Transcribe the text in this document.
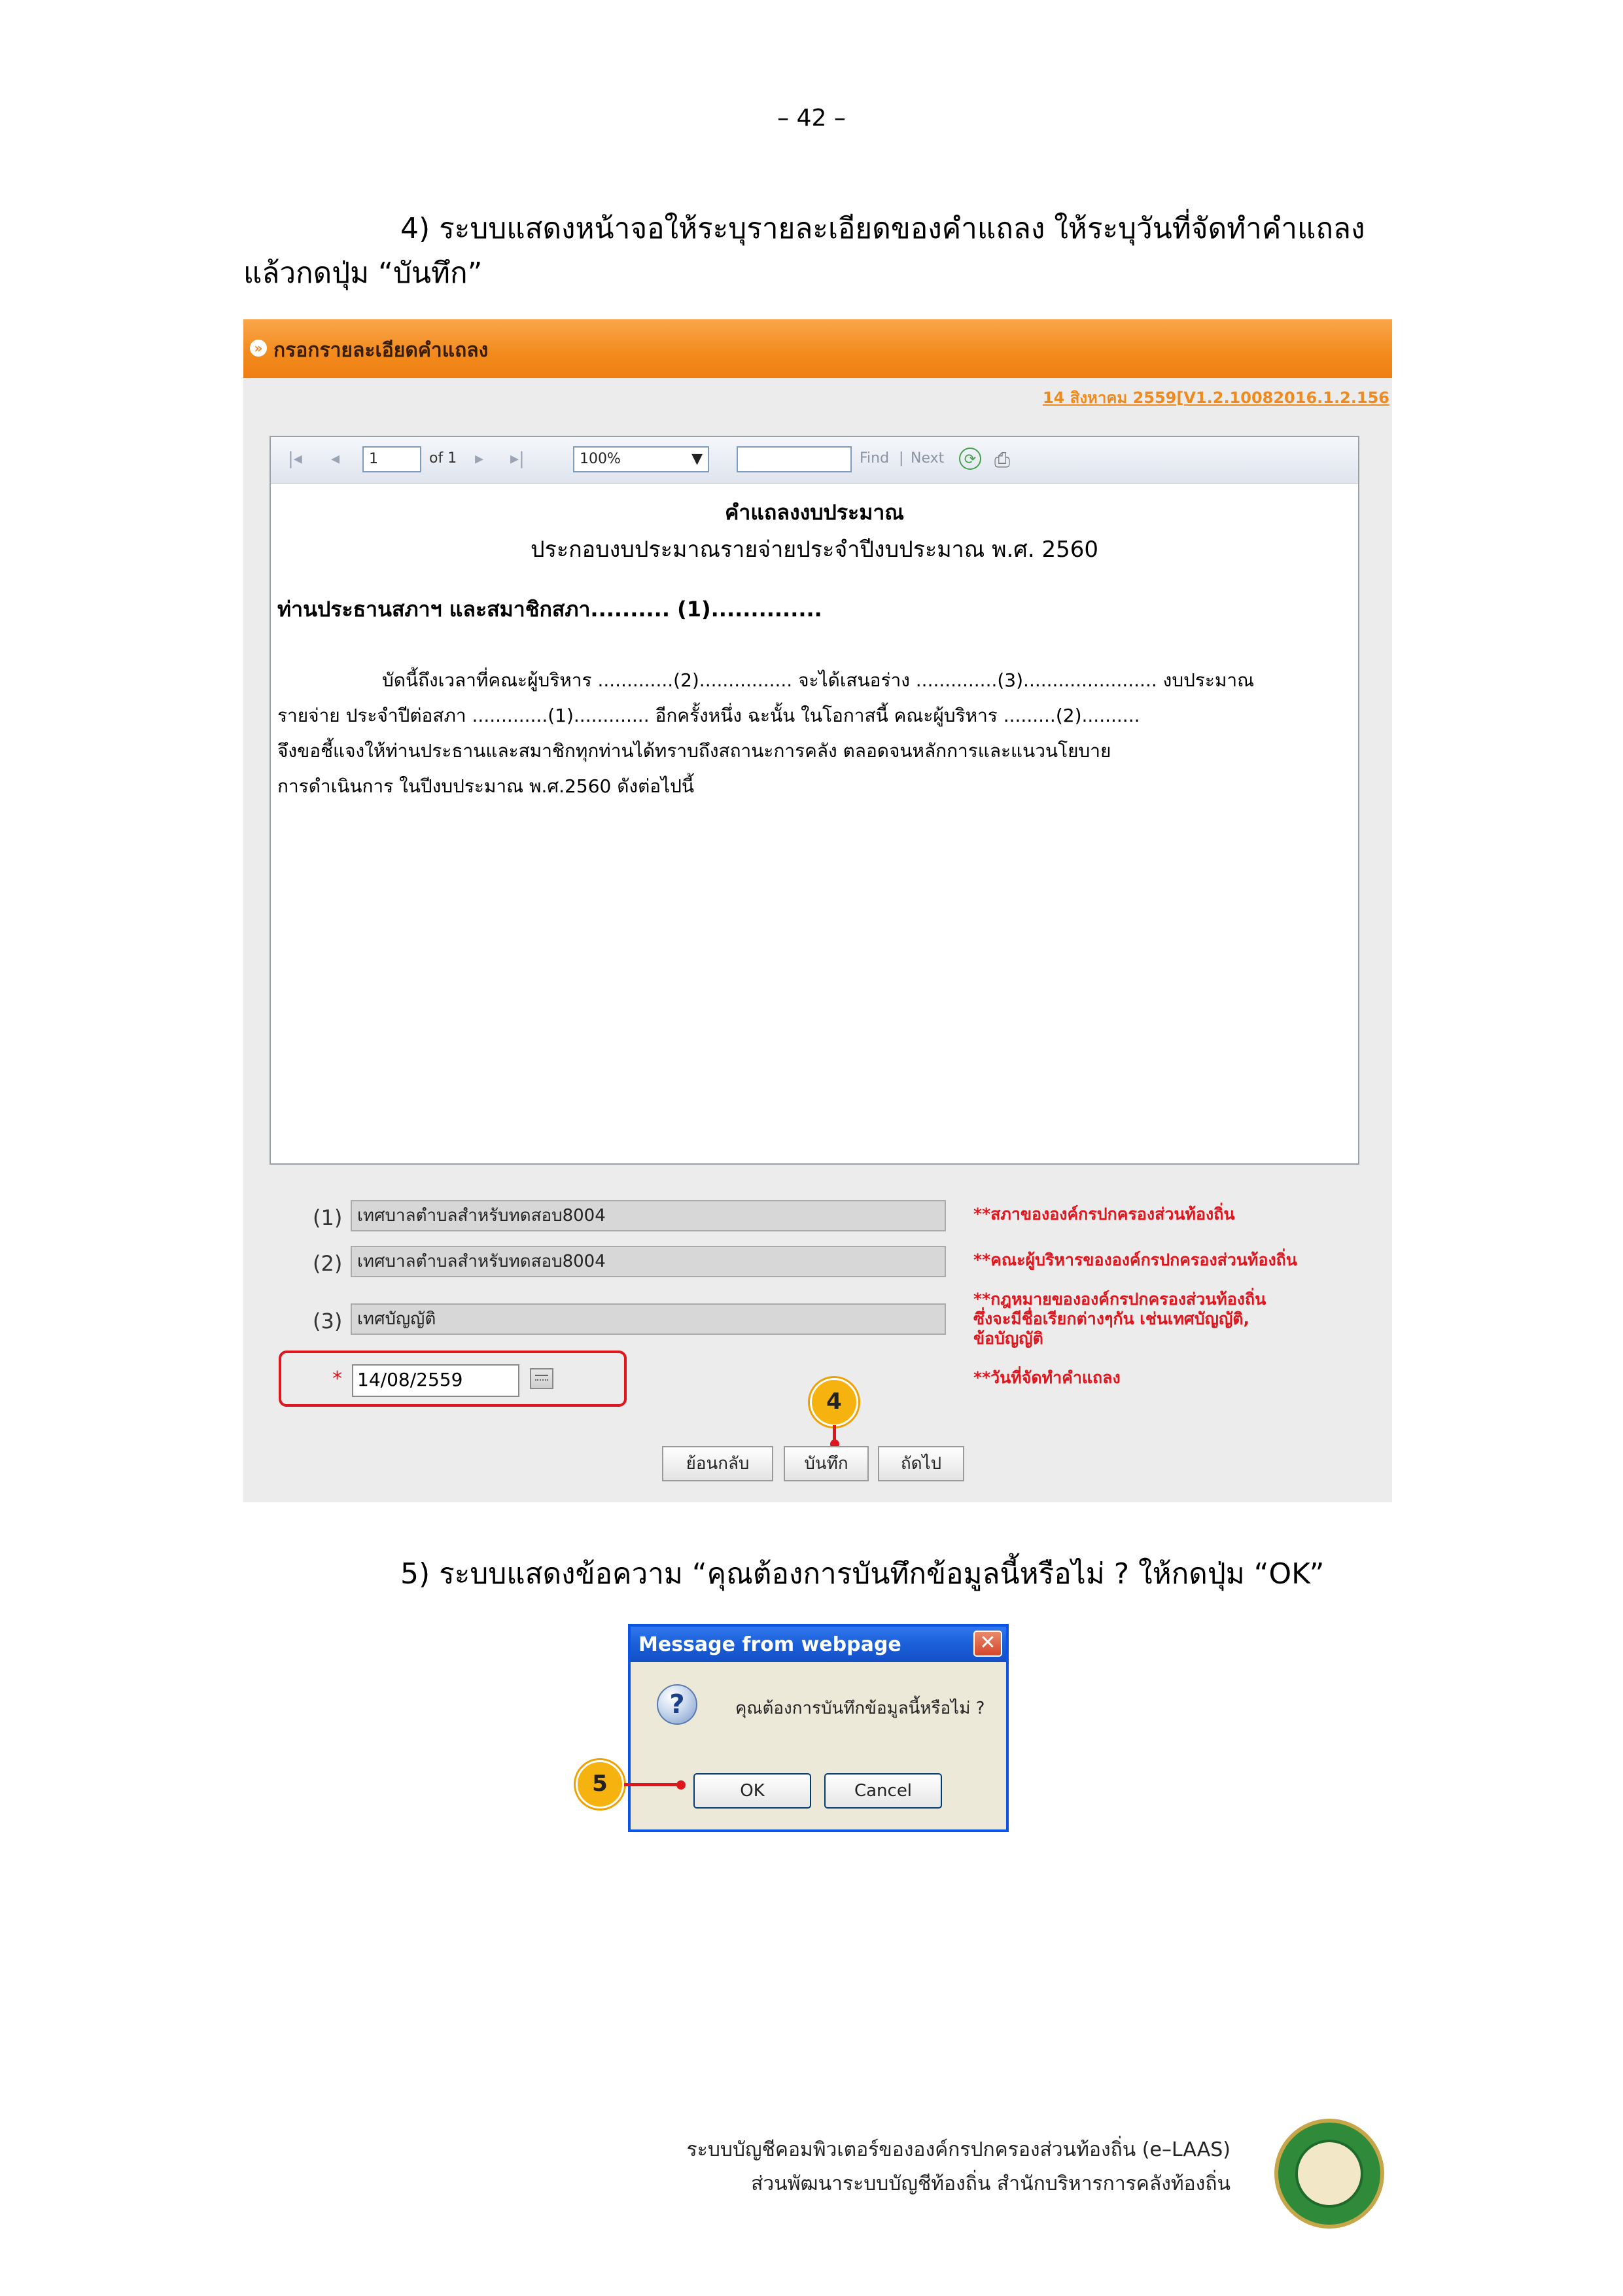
– 42 –
4) ระบบแสดงหน้าจอให้ระบุรายละเอียดของคำแถลง ให้ระบุวันที่จัดทำคำแถลง
แล้วกดปุ่ม “บันทึก”
» กรอกรายละเอียดคำแถลง
14 สิงหาคม 2559[V1.2.10082016.1.2.156
|◂ ◂	1	of 1 ▸ ▸|	100%	▼	Find | Next	⟳ ⎙
คำแถลงงบประมาณ
ประกอบงบประมาณรายจ่ายประจำปีงบประมาณ พ.ศ. 2560
ท่านประธานสภาฯ และสมาชิกสภา.......... (1)..............
บัดนี้ถึงเวลาที่คณะผู้บริหาร .............(2)................ จะได้เสนอร่าง ..............(3)....................... งบประมาณ
รายจ่าย ประจำปีต่อสภา .............(1)............. อีกครั้งหนึ่ง ฉะนั้น ในโอกาสนี้ คณะผู้บริหาร .........(2)..........
จึงขอชี้แจงให้ท่านประธานและสมาชิกทุกท่านได้ทราบถึงสถานะการคลัง ตลอดจนหลักการและแนวนโยบาย
การดำเนินการ ในปีงบประมาณ พ.ศ.2560 ดังต่อไปนี้
(1) เทศบาลตำบลสำหรับทดสอบ8004	**สภาขององค์กรปกครองส่วนท้องถิ่น
(2) เทศบาลตำบลสำหรับทดสอบ8004	**คณะผู้บริหารขององค์กรปกครองส่วนท้องถิ่น
(3) เทศบัญญัติ
**กฎหมายขององค์กรปกครองส่วนท้องถิ่น
ซึ่งจะมีชื่อเรียกต่างๆกัน เช่นเทศบัญญัติ,
ข้อบัญญัติ
* 14/08/2559	**วันที่จัดทำคำแถลง
4
ย้อนกลับ	บันทึก	ถัดไป
5) ระบบแสดงข้อความ “คุณต้องการบันทึกข้อมูลนี้หรือไม่ ? ให้กดปุ่ม “OK”
Message from webpage	✕
?	คุณต้องการบันทึกข้อมูลนี้หรือไม่ ?
OK	Cancel
5
ระบบบัญชีคอมพิวเตอร์ขององค์กรปกครองส่วนท้องถิ่น (e–LAAS)
ส่วนพัฒนาระบบบัญชีท้องถิ่น สำนักบริหารการคลังท้องถิ่น
